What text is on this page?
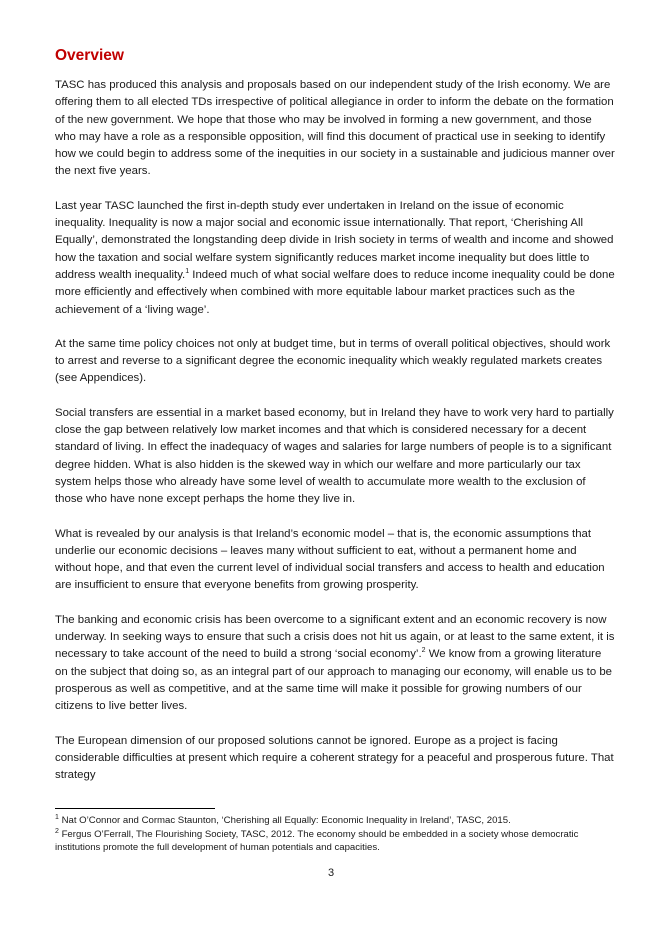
Overview

TASC has produced this analysis and proposals based on our independent study of the Irish economy. We are offering them to all elected TDs irrespective of political allegiance in order to inform the debate on the formation of the new government. We hope that those who may be involved in forming a new government, and those who may have a role as a responsible opposition, will find this document of practical use in seeking to identify how we could begin to address some of the inequities in our society in a sustainable and judicious manner over the next five years.

Last year TASC launched the first in-depth study ever undertaken in Ireland on the issue of economic inequality. Inequality is now a major social and economic issue internationally. That report, ‘Cherishing All Equally’, demonstrated the longstanding deep divide in Irish society in terms of wealth and income and showed how the taxation and social welfare system significantly reduces market income inequality but does little to address wealth inequality.$^1$ Indeed much of what social welfare does to reduce income inequality could be done more efficiently and effectively when combined with more equitable labour market practices such as the achievement of a ‘living wage’.

At the same time policy choices not only at budget time, but in terms of overall political objectives, should work to arrest and reverse to a significant degree the economic inequality which weakly regulated markets creates (see Appendices).

Social transfers are essential in a market based economy, but in Ireland they have to work very hard to partially close the gap between relatively low market incomes and that which is considered necessary for a decent standard of living. In effect the inadequacy of wages and salaries for large numbers of people is to a significant degree hidden. What is also hidden is the skewed way in which our welfare and more particularly our tax system helps those who already have some level of wealth to accumulate more wealth to the exclusion of those who have none except perhaps the home they live in.

What is revealed by our analysis is that Ireland’s economic model – that is, the economic assumptions that underlie our economic decisions – leaves many without sufficient to eat, without a permanent home and without hope, and that even the current level of individual social transfers and access to health and education are insufficient to ensure that everyone benefits from growing prosperity.

The banking and economic crisis has been overcome to a significant extent and an economic recovery is now underway. In seeking ways to ensure that such a crisis does not hit us again, or at least to the same extent, it is necessary to take account of the need to build a strong ‘social economy’.$^2$ We know from a growing literature on the subject that doing so, as an integral part of our approach to managing our economy, will enable us to be prosperous as well as competitive, and at the same time will make it possible for growing numbers of our citizens to live better lives.

The European dimension of our proposed solutions cannot be ignored. Europe as a project is facing considerable difficulties at present which require a coherent strategy for a peaceful and prosperous future. That strategy

$^1$ Nat O’Connor and Cormac Staunton, ‘Cherishing all Equally: Economic Inequality in Ireland’, TASC, 2015.
$^2$ Fergus O’Ferrall, The Flourishing Society, TASC, 2012. The economy should be embedded in a society whose democratic institutions promote the full development of human potentials and capacities.
3
